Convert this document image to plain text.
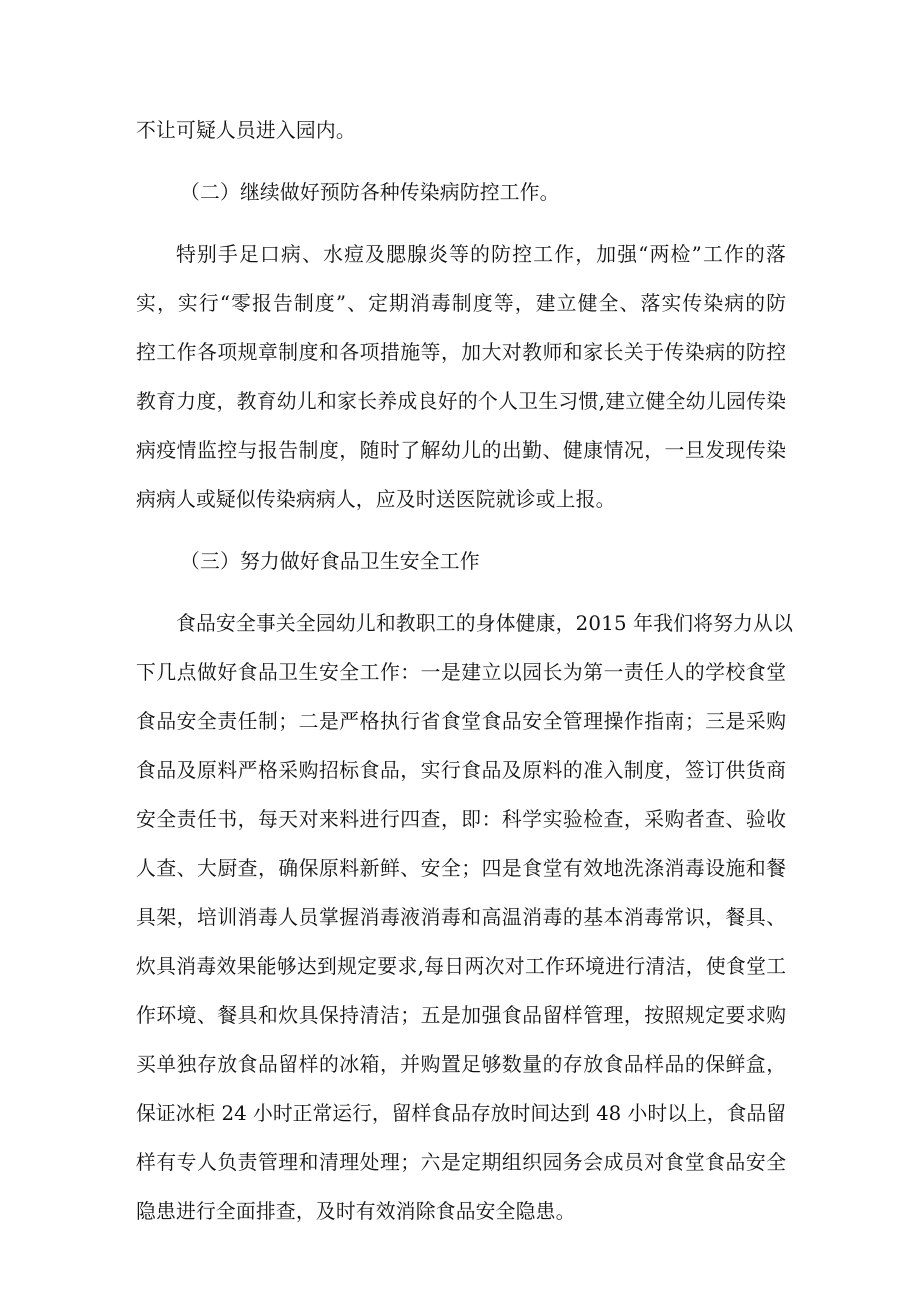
不让可疑人员进入园内。
（二）继续做好预防各种传染病防控工作。
特别手足口病、水痘及腮腺炎等的防控工作，加强“两检”工作的落
实，实行“零报告制度”、定期消毒制度等，建立健全、落实传染病的防
控工作各项规章制度和各项措施等，加大对教师和家长关于传染病的防控
教育力度，教育幼儿和家长养成良好的个人卫生习惯,建立健全幼儿园传染
病疫情监控与报告制度，随时了解幼儿的出勤、健康情况，一旦发现传染
病病人或疑似传染病病人，应及时送医院就诊或上报。
（三）努力做好食品卫生安全工作
食品安全事关全园幼儿和教职工的身体健康，2015 年我们将努力从以
下几点做好食品卫生安全工作：一是建立以园长为第一责任人的学校食堂
食品安全责任制；二是严格执行省食堂食品安全管理操作指南；三是采购
食品及原料严格采购招标食品，实行食品及原料的准入制度，签订供货商
安全责任书，每天对来料进行四查，即：科学实验检查，采购者查、验收
人查、大厨查，确保原料新鲜、安全；四是食堂有效地洗涤消毒设施和餐
具架，培训消毒人员掌握消毒液消毒和高温消毒的基本消毒常识，餐具、
炊具消毒效果能够达到规定要求,每日两次对工作环境进行清洁，使食堂工
作环境、餐具和炊具保持清洁；五是加强食品留样管理，按照规定要求购
买单独存放食品留样的冰箱，并购置足够数量的存放食品样品的保鲜盒，
保证冰柜 24 小时正常运行，留样食品存放时间达到 48 小时以上，食品留
样有专人负责管理和清理处理；六是定期组织园务会成员对食堂食品安全
隐患进行全面排查，及时有效消除食品安全隐患。
